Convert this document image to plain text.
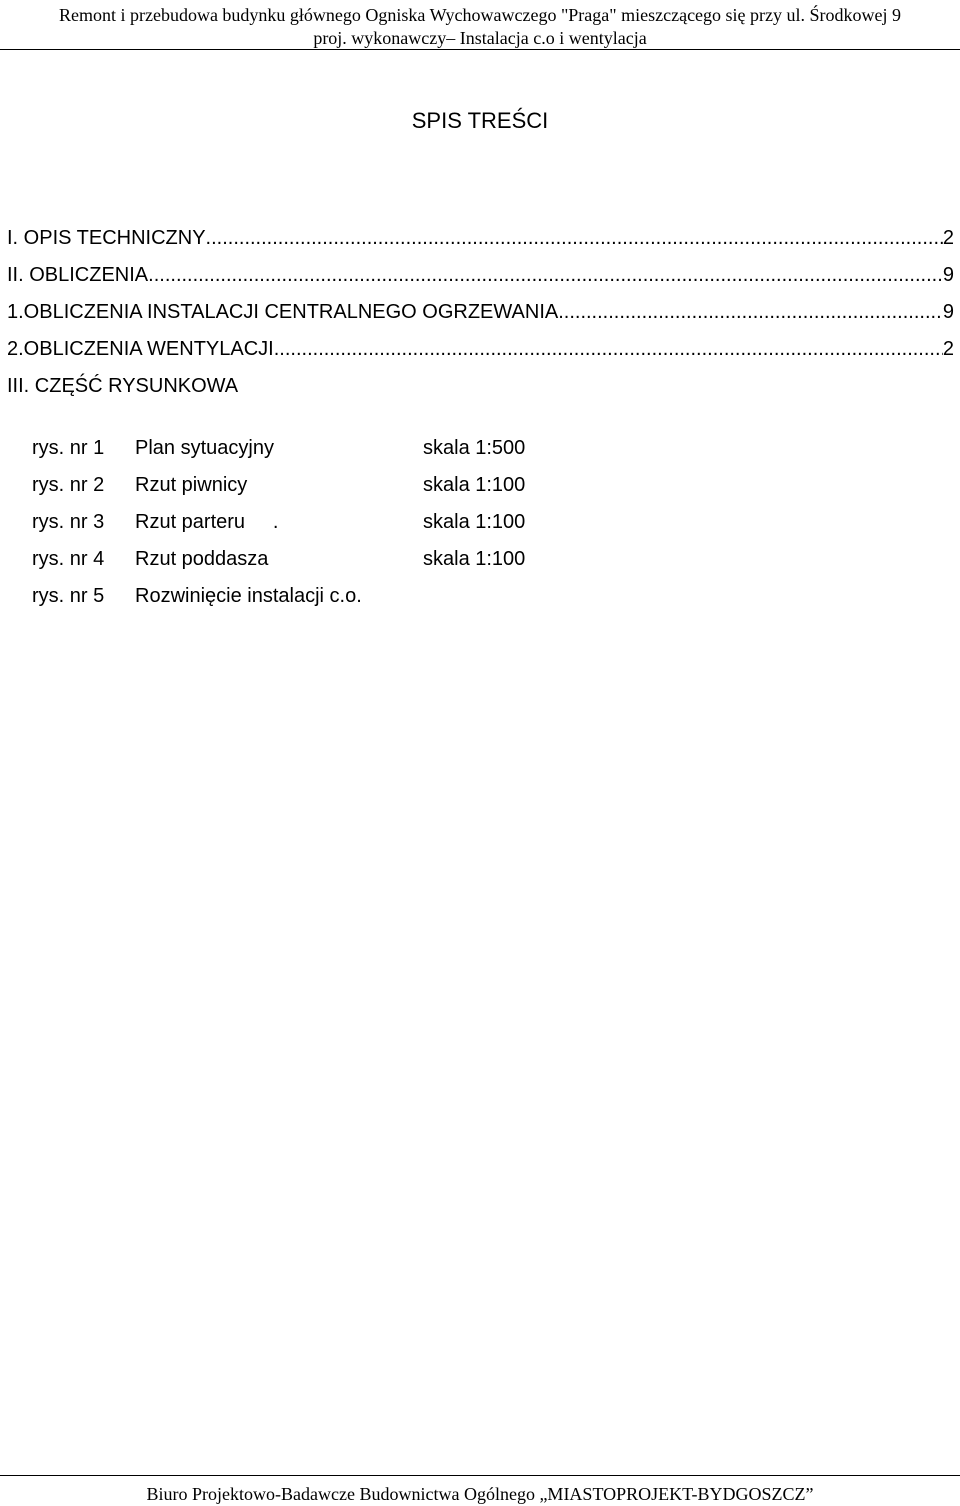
Remont i przebudowa budynku głównego Ogniska Wychowawczego "Praga" mieszczącego się przy ul. Środkowej 9
proj. wykonawczy– Instalacja c.o i wentylacja
SPIS TREŚCI
I. OPIS TECHNICZNY .....	2
II. OBLICZENIA .....	9
1.OBLICZENIA INSTALACJI CENTRALNEGO OGRZEWANIA .....	9
2.OBLICZENIA WENTYLACJI .....	2
III. CZĘŚĆ RYSUNKOWA
rys. nr 1 Plan sytuacyjny	skala 1:500
rys. nr 2 Rzut piwnicy	skala 1:100
rys. nr 3 Rzut parteru     .	skala 1:100
rys. nr 4 Rzut poddasza	skala 1:100
rys. nr 5 Rozwinięcie instalacji c.o.
Biuro Projektowo-Badawcze Budownictwa Ogólnego „MIASTOPROJEKT-BYDGOSZCZ”
